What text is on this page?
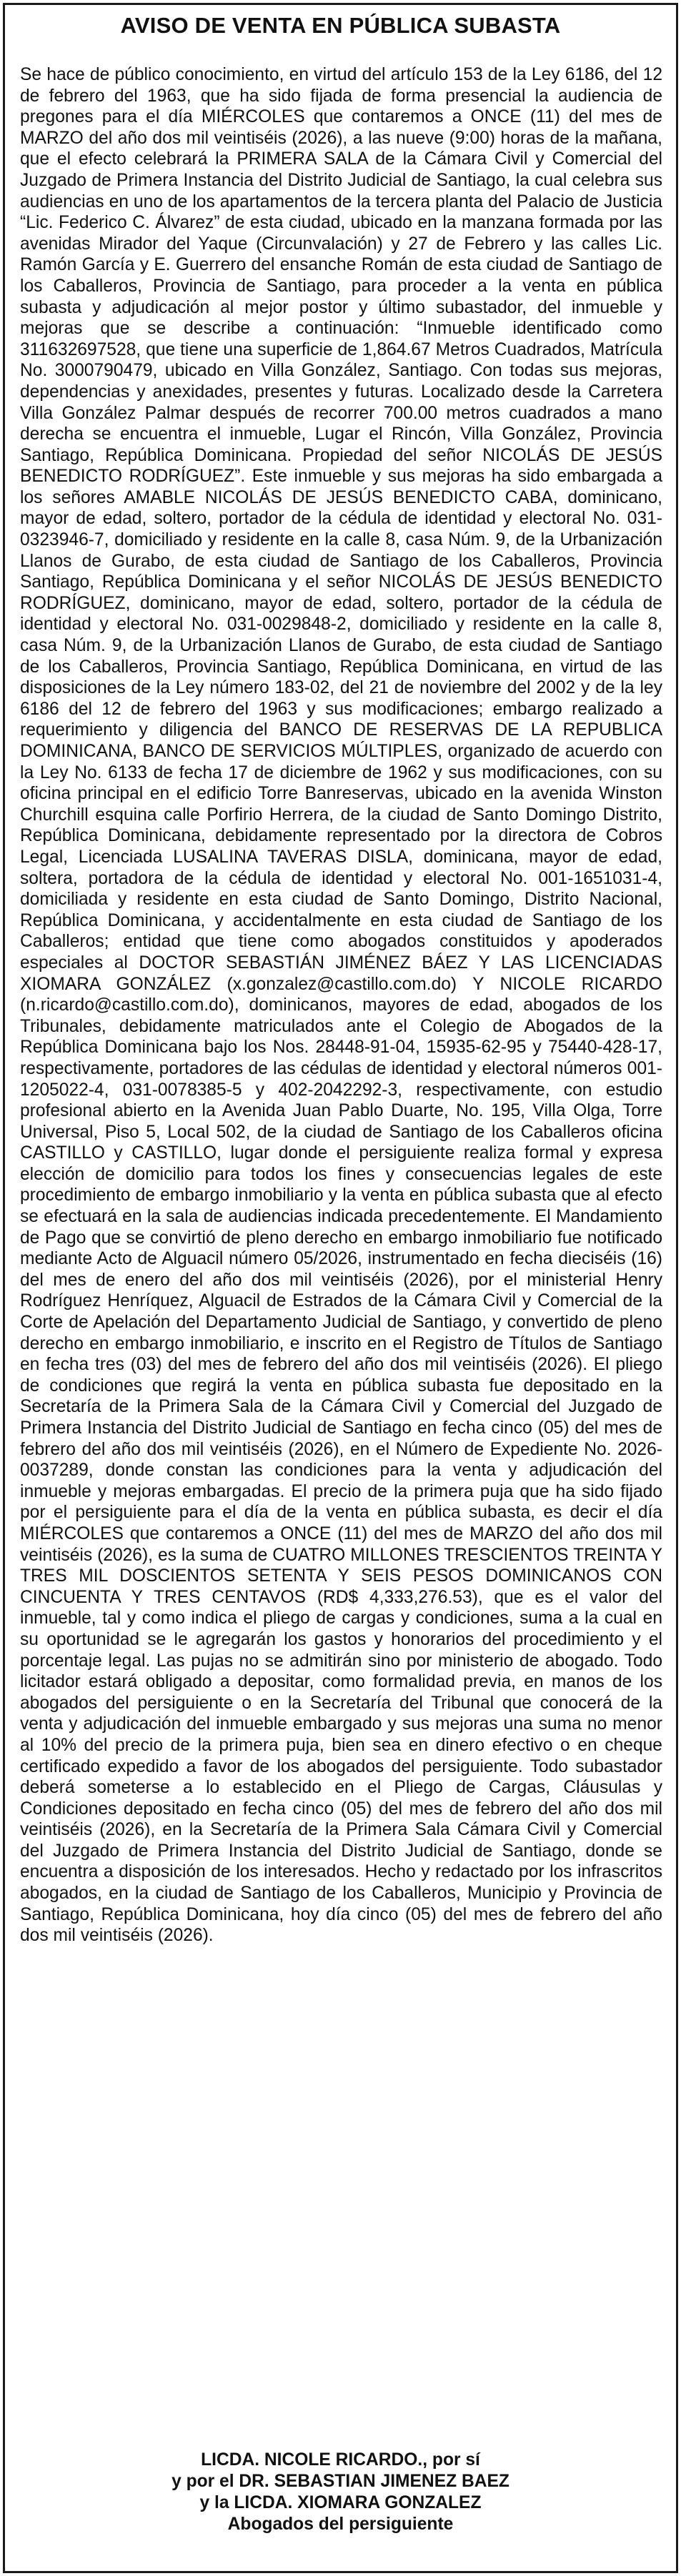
AVISO DE VENTA EN PÚBLICA SUBASTA
Se hace de público conocimiento, en virtud del artículo 153 de la Ley 6186, del 12 de febrero del 1963, que ha sido fijada de forma presencial la audiencia de pregones para el día MIÉRCOLES que contaremos a ONCE (11) del mes de MARZO del año dos mil veintiséis (2026), a las nueve (9:00) horas de la mañana, que el efecto celebrará la PRIMERA SALA de la Cámara Civil y Comercial del Juzgado de Primera Instancia del Distrito Judicial de Santiago, la cual celebra sus audiencias en uno de los apartamentos de la tercera planta del Palacio de Justicia “Lic. Federico C. Álvarez” de esta ciudad, ubicado en la manzana formada por las avenidas Mirador del Yaque (Circunvalación) y 27 de Febrero y las calles Lic. Ramón García y E. Guerrero del ensanche Román de esta ciudad de Santiago de los Caballeros, Provincia de Santiago, para proceder a la venta en pública subasta y adjudicación al mejor postor y último subastador, del inmueble y mejoras que se describe a continuación: “Inmueble identificado como 311632697528, que tiene una superficie de 1,864.67 Metros Cuadrados, Matrícula No. 3000790479, ubicado en Villa González, Santiago. Con todas sus mejoras, dependencias y anexidades, presentes y futuras. Localizado desde la Carretera Villa González Palmar después de recorrer 700.00 metros cuadrados a mano derecha se encuentra el inmueble, Lugar el Rincón, Villa González, Provincia Santiago, República Dominicana. Propiedad del señor NICOLÁS DE JESÚS BENEDICTO RODRÍGUEZ”. Este inmueble y sus mejoras ha sido embargada a los señores AMABLE NICOLÁS DE JESÚS BENEDICTO CABA, dominicano, mayor de edad, soltero, portador de la cédula de identidad y electoral No. 031-0323946-7, domiciliado y residente en la calle 8, casa Núm. 9, de la Urbanización Llanos de Gurabo, de esta ciudad de Santiago de los Caballeros, Provincia Santiago, República Dominicana y el señor NICOLÁS DE JESÚS BENEDICTO RODRÍGUEZ, dominicano, mayor de edad, soltero, portador de la cédula de identidad y electoral No. 031-0029848-2, domiciliado y residente en la calle 8, casa Núm. 9, de la Urbanización Llanos de Gurabo, de esta ciudad de Santiago de los Caballeros, Provincia Santiago, República Dominicana, en virtud de las disposiciones de la Ley número 183-02, del 21 de noviembre del 2002 y de la ley 6186 del 12 de febrero del 1963 y sus modificaciones; embargo realizado a requerimiento y diligencia del BANCO DE RESERVAS DE LA REPUBLICA DOMINICANA, BANCO DE SERVICIOS MÚLTIPLES, organizado de acuerdo con la Ley No. 6133 de fecha 17 de diciembre de 1962 y sus modificaciones, con su oficina principal en el edificio Torre Banreservas, ubicado en la avenida Winston Churchill esquina calle Porfirio Herrera, de la ciudad de Santo Domingo Distrito, República Dominicana, debidamente representado por la directora de Cobros Legal, Licenciada LUSALINA TAVERAS DISLA, dominicana, mayor de edad, soltera, portadora de la cédula de identidad y electoral No. 001-1651031-4, domiciliada y residente en esta ciudad de Santo Domingo, Distrito Nacional, República Dominicana, y accidentalmente en esta ciudad de Santiago de los Caballeros; entidad que tiene como abogados constituidos y apoderados especiales al DOCTOR SEBASTIÁN JIMÉNEZ BÁEZ Y LAS LICENCIADAS XIOMARA GONZÁLEZ (x.gonzalez@castillo.com.do) Y NICOLE RICARDO (n.ricardo@castillo.com.do), dominicanos, mayores de edad, abogados de los Tribunales, debidamente matriculados ante el Colegio de Abogados de la República Dominicana bajo los Nos. 28448-91-04, 15935-62-95 y 75440-428-17, respectivamente, portadores de las cédulas de identidad y electoral números 001-1205022-4, 031-0078385-5 y 402-2042292-3, respectivamente, con estudio profesional abierto en la Avenida Juan Pablo Duarte, No. 195, Villa Olga, Torre Universal, Piso 5, Local 502, de la ciudad de Santiago de los Caballeros oficina CASTILLO y CASTILLO, lugar donde el persiguiente realiza formal y expresa elección de domicilio para todos los fines y consecuencias legales de este procedimiento de embargo inmobiliario y la venta en pública subasta que al efecto se efectuará en la sala de audiencias indicada precedentemente. El Mandamiento de Pago que se convirtió de pleno derecho en embargo inmobiliario fue notificado mediante Acto de Alguacil número 05/2026, instrumentado en fecha dieciséis (16) del mes de enero del año dos mil veintiséis (2026), por el ministerial Henry Rodríguez Henríquez, Alguacil de Estrados de la Cámara Civil y Comercial de la Corte de Apelación del Departamento Judicial de Santiago, y convertido de pleno derecho en embargo inmobiliario, e inscrito en el Registro de Títulos de Santiago en fecha tres (03) del mes de febrero del año dos mil veintiséis (2026). El pliego de condiciones que regirá la venta en pública subasta fue depositado en la Secretaría de la Primera Sala de la Cámara Civil y Comercial del Juzgado de Primera Instancia del Distrito Judicial de Santiago en fecha cinco (05) del mes de febrero del año dos mil veintiséis (2026), en el Número de Expediente No. 2026-0037289, donde constan las condiciones para la venta y adjudicación del inmueble y mejoras embargadas. El precio de la primera puja que ha sido fijado por el persiguiente para el día de la venta en pública subasta, es decir el día MIÉRCOLES que contaremos a ONCE (11) del mes de MARZO del año dos mil veintiséis (2026), es la suma de CUATRO MILLONES TRESCIENTOS TREINTA Y TRES MIL DOSCIENTOS SETENTA Y SEIS PESOS DOMINICANOS CON CINCUENTA Y TRES CENTAVOS (RD$ 4,333,276.53), que es el valor del inmueble, tal y como indica el pliego de cargas y condiciones, suma a la cual en su oportunidad se le agregarán los gastos y honorarios del procedimiento y el porcentaje legal. Las pujas no se admitirán sino por ministerio de abogado. Todo licitador estará obligado a depositar, como formalidad previa, en manos de los abogados del persiguiente o en la Secretaría del Tribunal que conocerá de la venta y adjudicación del inmueble embargado y sus mejoras una suma no menor al 10% del precio de la primera puja, bien sea en dinero efectivo o en cheque certificado expedido a favor de los abogados del persiguiente. Todo subastador deberá someterse a lo establecido en el Pliego de Cargas, Cláusulas y Condiciones depositado en fecha cinco (05) del mes de febrero del año dos mil veintiséis (2026), en la Secretaría de la Primera Sala Cámara Civil y Comercial del Juzgado de Primera Instancia del Distrito Judicial de Santiago, donde se encuentra a disposición de los interesados. Hecho y redactado por los infrascritos abogados, en la ciudad de Santiago de los Caballeros, Municipio y Provincia de Santiago, República Dominicana, hoy día cinco (05) del mes de febrero del año dos mil veintiséis (2026).
LICDA. NICOLE RICARDO., por sí
y por el DR. SEBASTIAN JIMENEZ BAEZ
y la LICDA. XIOMARA GONZALEZ
Abogados del persiguiente
